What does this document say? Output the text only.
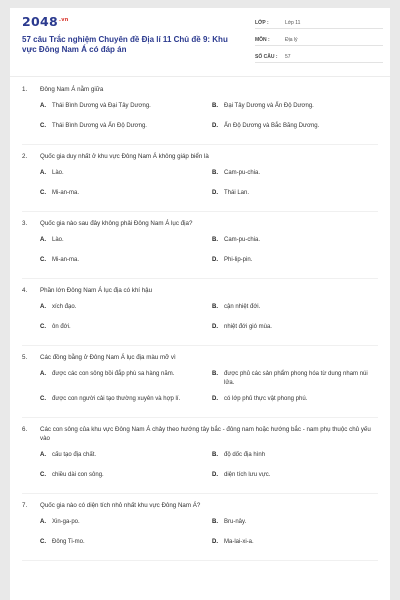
$2048^{.vn}$
57 câu Trắc nghiệm Chuyên đề Địa lí 11 Chủ đề 9: Khu vực Đông Nam Á có đáp án
LỚP :	Lớp 11
MÔN :	Địa lý
SỐ CÂU :	57
1.	Đông Nam Á nằm giữa
A.	Thái Bình Dương và Đại Tây Dương.	B.	Đại Tây Dương và Ấn Độ Dương.
C.	Thái Bình Dương và Ấn Độ Dương.	D.	Ấn Độ Dương và Bắc Băng Dương.
2.	Quốc gia duy nhất ở khu vực Đông Nam Á không giáp biển là
A.	Lào.	B.	Cam-pu-chia.
C.	Mi-an-ma.	D.	Thái Lan.
3.	Quốc gia nào sau đây không phải Đông Nam Á lục địa?
A.	Lào.	B.	Cam-pu-chia.
C.	Mi-an-ma.	D.	Phi-lip-pin.
4.	Phần lớn Đông Nam Á lục địa có khí hậu
A.	xích đạo.	B.	cận nhiệt đới.
C.	ôn đới.	D.	nhiệt đới gió mùa.
5.	Các đồng bằng ở Đông Nam Á lục địa màu mỡ vì
A.	được các con sông bồi đắp phù sa hàng năm.	B.	được phủ các sản phẩm phong hóa từ dung nham núi lửa.
C.	được con người cải tạo thường xuyên và hợp lí.	D.	có lớp phủ thực vật phong phú.
6.	Các con sông của khu vực Đông Nam Á chảy theo hướng tây bắc - đông nam hoặc hướng bắc - nam phụ thuộc chủ yếu vào
A.	cấu tạo địa chất.	B.	độ dốc địa hình
C.	chiều dài con sông.	D.	diện tích lưu vực.
7.	Quốc gia nào có diện tích nhỏ nhất khu vực Đông Nam Á?
A.	Xin-ga-po.	B.	Bru-nây.
C.	Đông Ti-mo.	D.	Ma-lai-xi-a.
